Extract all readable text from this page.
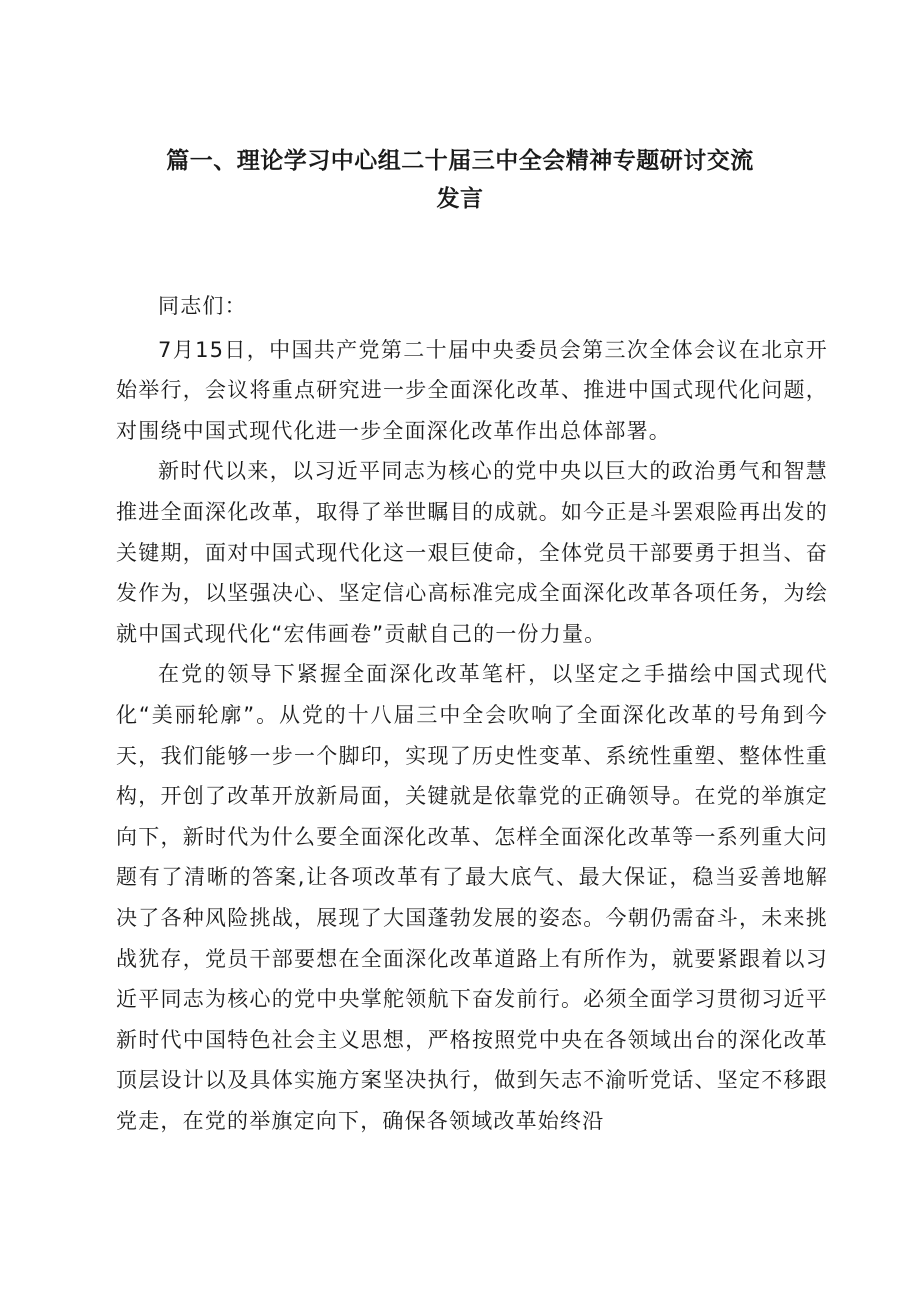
篇一、理论学习中心组二十届三中全会精神专题研讨交流
发言

同志们：

7月15日，中国共产党第二十届中央委员会第三次全体会议在北京开始举行，会议将重点研究进一步全面深化改革、推进中国式现代化问题，对围绕中国式现代化进一步全面深化改革作出总体部署。

新时代以来，以习近平同志为核心的党中央以巨大的政治勇气和智慧推进全面深化改革，取得了举世瞩目的成就。如今正是斗罢艰险再出发的关键期，面对中国式现代化这一艰巨使命，全体党员干部要勇于担当、奋发作为，以坚强决心、坚定信心高标准完成全面深化改革各项任务，为绘就中国式现代化“宏伟画卷”贡献自己的一份力量。

在党的领导下紧握全面深化改革笔杆，以坚定之手描绘中国式现代化“美丽轮廓”。从党的十八届三中全会吹响了全面深化改革的号角到今天，我们能够一步一个脚印，实现了历史性变革、系统性重塑、整体性重构，开创了改革开放新局面，关键就是依靠党的正确领导。在党的举旗定向下，新时代为什么要全面深化改革、怎样全面深化改革等一系列重大问题有了清晰的答案,让各项改革有了最大底气、最大保证，稳当妥善地解决了各种风险挑战，展现了大国蓬勃发展的姿态。今朝仍需奋斗，未来挑战犹存，党员干部要想在全面深化改革道路上有所作为，就要紧跟着以习近平同志为核心的党中央掌舵领航下奋发前行。必须全面学习贯彻习近平新时代中国特色社会主义思想，严格按照党中央在各领域出台的深化改革顶层设计以及具体实施方案坚决执行，做到矢志不渝听党话、坚定不移跟党走，在党的举旗定向下，确保各领域改革始终沿
